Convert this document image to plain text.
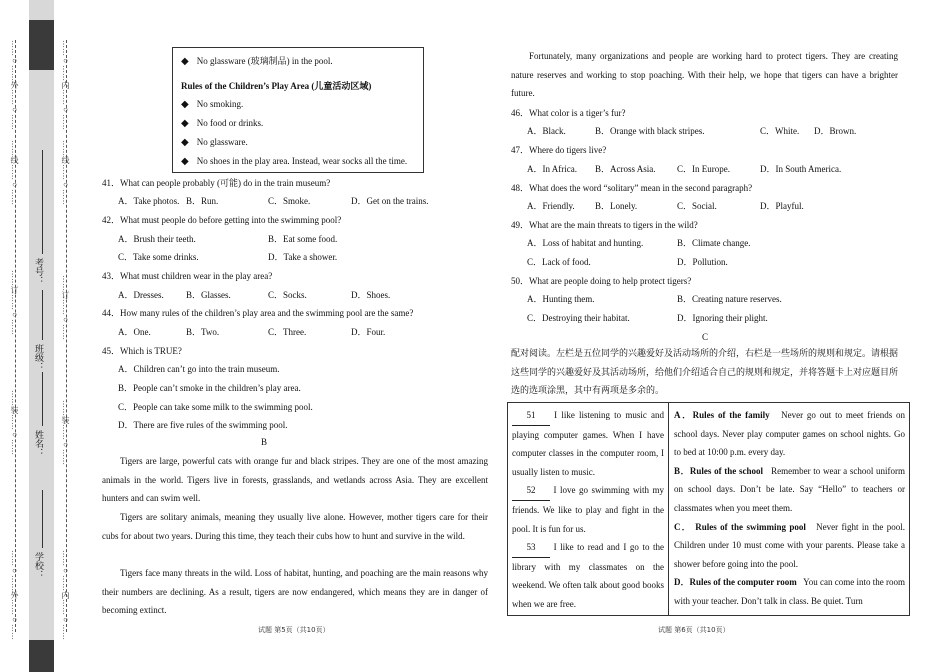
……○……外……○……
……○……外……○……
……装……○……
……订……○……
……线……○……
学校：
姓名：
班级：
考号：
……○……内……○……
……○……内……○……
……装……○……
……订……○……
……线……○……
◆ No glassware (玻璃制品) in the pool.
Rules of the Children’s Play Area (儿童活动区域)
◆ No smoking.
◆ No food or drinks.
◆ No glassware.
◆ No shoes in the play area. Instead, wear socks all the time.
41．What can people probably (可能) do in the train museum?
A．Take photos. B．Run.	C．Smoke.	D．Get on the trains.
42．What must people do before getting into the swimming pool?
A．Brush their teeth.	B．Eat some food.
C．Take some drinks.	D．Take a shower.
43．What must children wear in the play area?
A．Dresses. B．Glasses.	C．Socks.	D．Shoes.
44．How many rules of the children’s play area and the swimming pool are the same?
A．One.	B．Two.	C．Three.	D．Four.
45．Which is TRUE?
A．Children can’t go into the train museum.
B．People can’t smoke in the children’s play area.
C．People can take some milk to the swimming pool.
D．There are five rules of the swimming pool.
B
Tigers are large, powerful cats with orange fur and black stripes. They are one of the most amazing animals in the world. Tigers live in forests, grasslands, and wetlands across Asia. They are excellent hunters and can swim well.
Tigers are solitary animals, meaning they usually live alone. However, mother tigers care for their cubs for about two years. During this time, they teach their cubs how to hunt and survive in the wild.
Tigers face many threats in the wild. Loss of habitat, hunting, and poaching are the main reasons why their numbers are declining. As a result, tigers are now endangered, which means they are in danger of becoming extinct.
试题 第5页（共10页）
Fortunately, many organizations and people are working hard to protect tigers. They are creating nature reserves and working to stop poaching. With their help, we hope that tigers can have a brighter future.
46．What color is a tiger’s fur?
A．Black.	B．Orange with black stripes.	C．White. D．Brown.
47．Where do tigers live?
A．In Africa. B．Across Asia. C．In Europe.	D．In South America.
48．What does the word “solitary” mean in the second paragraph?
A．Friendly. B．Lonely.	C．Social.	D．Playful.
49．What are the main threats to tigers in the wild?
A．Loss of habitat and hunting.	B．Climate change.
C．Lack of food.	D．Pollution.
50．What are people doing to help protect tigers?
A．Hunting them.	B．Creating nature reserves.
C．Destroying their habitat.	D．Ignoring their plight.
C
配对阅读。左栏是五位同学的兴趣爱好及活动场所的介绍，右栏是一些场所的规则和规定。请根据这些同学的兴趣爱好及其活动场所，给他们介绍适合自己的规则和规定，并将答题卡上对应题目所选的选项涂黑，其中有两项是多余的。
51 I like listening to music and playing computer games. When I have computer classes in the computer room, I usually listen to music.
52 I love go swimming with my friends. We like to play and fight in the pool. It is fun for us.
53 I like to read and I go to the library with my classmates on the weekend. We often talk about good books when we are free.
A．Rules of the family Never go out to meet friends on school days. Never play computer games on school nights. Go to bed at 10:00 p.m. every day.
B．Rules of the school Remember to wear a school uniform on school days. Don’t be late. Say “Hello” to teachers or classmates when you meet them.
C． Rules of the swimming pool Never fight in the pool. Children under 10 must come with your parents. Please take a shower before going into the pool.
D．Rules of the computer room You can come into the room with your teacher. Don’t talk in class. Be quiet. Turn
试题 第6页（共10页）
